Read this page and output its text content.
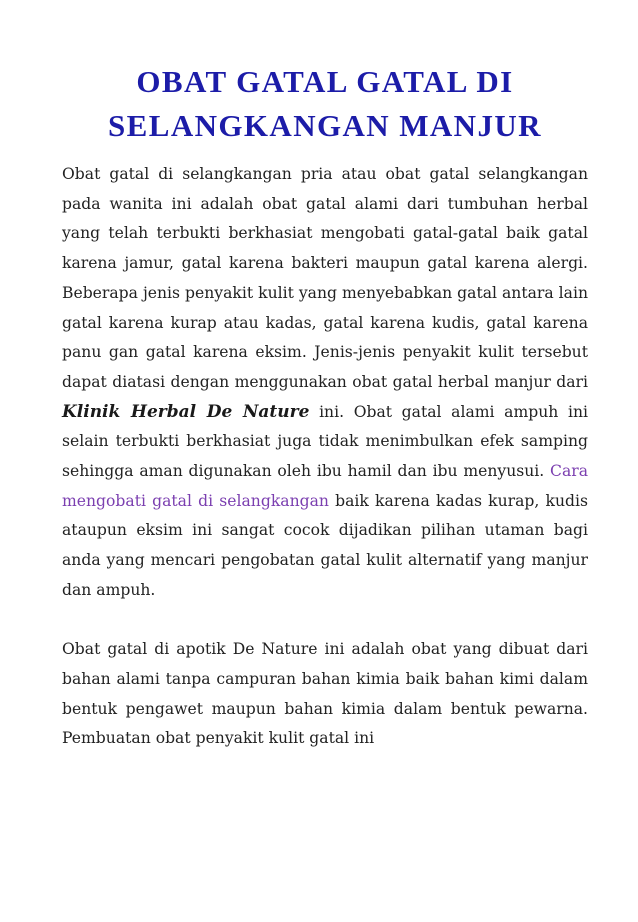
OBAT GATAL GATAL DI SELANGKANGAN MANJUR

Obat gatal di selangkangan pria atau obat gatal selangkangan pada wanita ini adalah obat gatal alami dari tumbuhan herbal yang telah terbukti berkhasiat mengobati gatal-gatal baik gatal karena jamur, gatal karena bakteri maupun gatal karena alergi. Beberapa jenis penyakit kulit yang menyebabkan gatal antara lain gatal karena kurap atau kadas, gatal karena kudis, gatal karena panu gan gatal karena eksim. Jenis-jenis penyakit kulit tersebut dapat diatasi dengan menggunakan obat gatal herbal manjur dari Klinik Herbal De Nature ini. Obat gatal alami ampuh ini selain terbukti berkhasiat juga tidak menimbulkan efek samping sehingga aman digunakan oleh ibu hamil dan ibu menyusui. Cara mengobati gatal di selangkangan baik karena kadas kurap, kudis ataupun eksim ini sangat cocok dijadikan pilihan utaman bagi anda yang mencari pengobatan gatal kulit alternatif yang manjur dan ampuh.

Obat gatal di apotik De Nature ini adalah obat yang dibuat dari bahan alami tanpa campuran bahan kimia baik bahan kimi dalam bentuk pengawet maupun bahan kimia dalam bentuk pewarna. Pembuatan obat penyakit kulit gatal ini
